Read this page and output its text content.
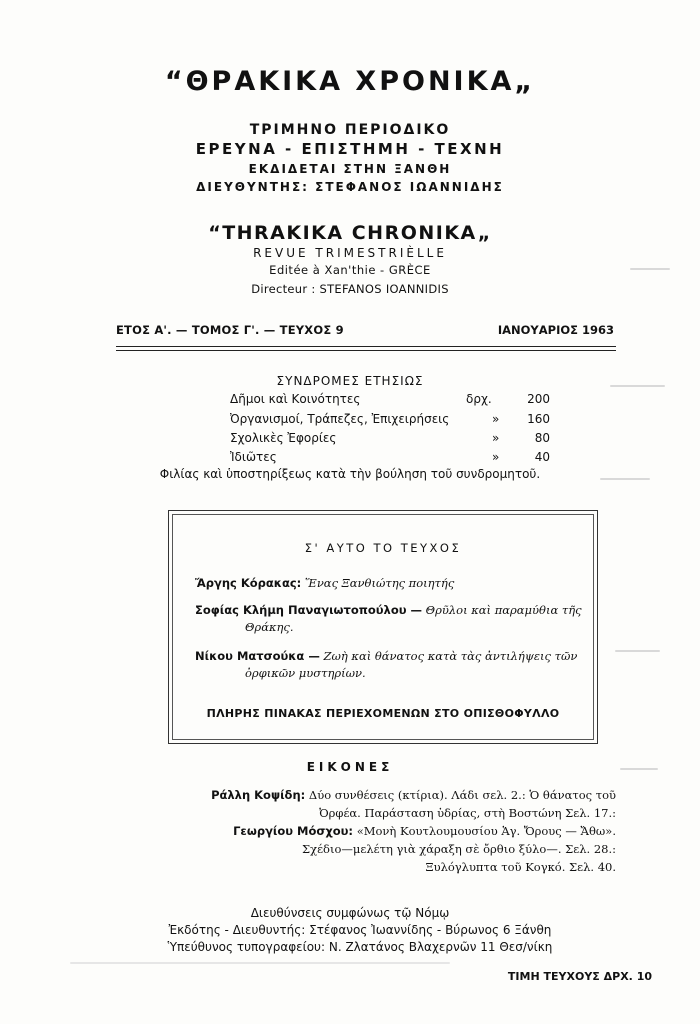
“ΘΡΑΚΙΚΑ ΧΡΟΝΙΚΑ„
ΤΡΙΜΗΝΟ ΠΕΡΙΟΔΙΚΟ
ΕΡΕΥΝΑ - ΕΠΙΣΤΗΜΗ - ΤΕΧΝΗ
ΕΚΔΙΔΕΤΑΙ ΣΤΗΝ ΞΑΝΘΗ
ΔΙΕΥΘΥΝΤΗΣ: ΣΤΕΦΑΝΟΣ ΙΩΑΝΝΙΔΗΣ
“THRAKIKA CHRONIKA„
REVUE TRIMESTRIÈLLE
Editée à Xan'thie - GRÈCE
Directeur : STEFANOS IOANNIDIS
ΕΤΟΣ Α'. — ΤΟΜΟΣ Γ'. — ΤΕΥΧΟΣ 9	ΙΑΝΟΥΑΡΙΟΣ 1963
ΣΥΝΔΡΟΜΕΣ ΕΤΗΣΙΩΣ
Δῆμοι καὶ Κοινότητες	δρχ.	200
Ὀργανισμοί, Τράπεζες, Ἐπιχειρήσεις	» 160
Σχολικὲς Ἐφορίες	»	80
Ἰδιῶτες	»	40
Φιλίας καὶ ὑποστηρίξεως κατὰ τὴν βούληση τοῦ συνδρομητοῦ.
Σ' ΑΥΤΟ ΤΟ ΤΕΥΧΟΣ
Ἄργης Κόρακας: Ἕνας Ξανθιώτης ποιητής
Σοφίας Κλήμη Παναγιωτοπούλου — Θρῦλοι καὶ παραμύθια τῆς
Θράκης.
Νίκου Ματσούκα — Ζωὴ καὶ θάνατος κατὰ τὰς ἀντιλήψεις τῶν
ὀρφικῶν μυστηρίων.
ΠΛΗΡΗΣ ΠΙΝΑΚΑΣ ΠΕΡΙΕΧΟΜΕΝΩΝ ΣΤΟ ΟΠΙΣΘΟΦΥΛΛΟ
ΕΙΚΟΝΕΣ
Ράλλη Κοψίδη: Δύο συνθέσεις (κτίρια). Λάδι σελ. 2.: Ὁ θάνατος τοῦ
Ὀρφέα. Παράσταση ὑδρίας, στὴ Βοστώνη Σελ. 17.:
Γεωργίου Μόσχου: «Μονὴ Κουτλουμουσίου Ἁγ. Ὄρους — Ἄθω».
Σχέδιο—μελέτη γιὰ χάραξη σὲ ὄρθιο ξύλο—. Σελ. 28.:
Ξυλόγλυπτα τοῦ Κογκό. Σελ. 40.
Διευθύνσεις συμφώνως τῷ Νόμῳ
Ἐκδότης - Διευθυντής: Στέφανος Ἰωαννίδης - Βύρωνος 6 Ξάνθη
Ὑπεύθυνος τυπογραφείου: Ν. Ζλατάνος Βλαχερνῶν 11 Θεσ/νίκη
ΤΙΜΗ ΤΕΥΧΟΥΣ ΔΡΧ. 10
